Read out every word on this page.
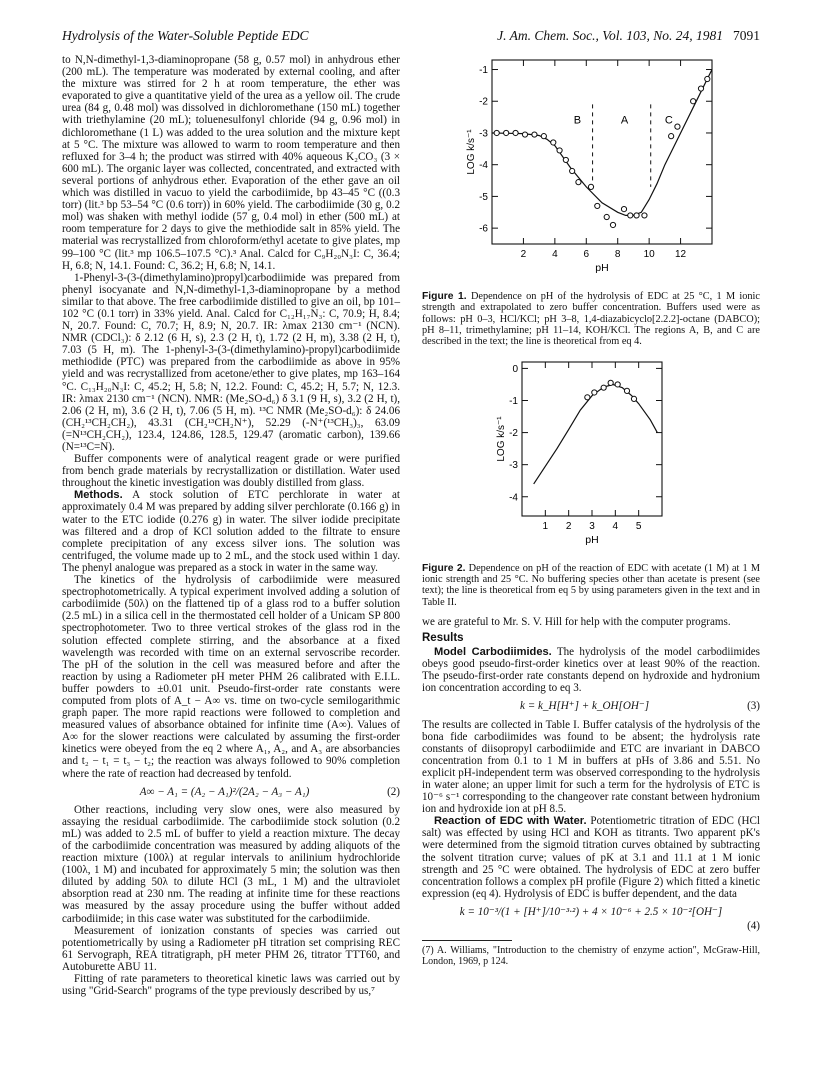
Hydrolysis of the Water-Soluble Peptide EDC	J. Am. Chem. Soc., Vol. 103, No. 24, 1981 7091

to N,N-dimethyl-1,3-diaminopropane (58 g, 0.57 mol) in anhydrous ether (200 mL). The temperature was moderated by external cooling, and after the mixture was stirred for 2 h at room temperature, the ether was evaporated to give a quantitative yield of the urea as a yellow oil. The crude urea (84 g, 0.48 mol) was dissolved in dichloromethane (150 mL) together with triethylamine (20 mL); toluenesulfonyl chloride (94 g, 0.96 mol) in dichloromethane (1 L) was added to the urea solution and the mixture kept at 5 °C. The mixture was allowed to warm to room temperature and then refluxed for 3–4 h; the product was stirred with 40% aqueous K₂CO₃ (3 × 600 mL). The organic layer was collected, concentrated, and extracted with several portions of anhydrous ether. Evaporation of the ether gave an oil which was distilled in vacuo to yield the carbodiimide, bp 43–45 °C ((0.3 torr) (lit.³ bp 53–54 °C (0.6 torr)) in 60% yield. The carbodiimide (30 g, 0.2 mol) was shaken with methyl iodide (57 g, 0.4 mol) in ether (500 mL) at room temperature for 2 days to give the methiodide salt in 85% yield. The material was recrystallized from chloroform/ethyl acetate to give plates, mp 99–100 °C (lit.³ mp 106.5–107.5 °C).³ Anal. Calcd for C₉H₂₀N₃I: C, 36.4; H, 6.8; N, 14.1. Found: C, 36.2; H, 6.8; N, 14.1.

1-Phenyl-3-(3-(dimethylamino)propyl)carbodiimide was prepared from phenyl isocyanate and N,N-dimethyl-1,3-diaminopropane by a method similar to that above. The free carbodiimide distilled to give an oil, bp 101–102 °C (0.1 torr) in 33% yield. Anal. Calcd for C₁₂H₁₇N₃: C, 70.9; H, 8.4; N, 20.7. Found: C, 70.7; H, 8.9; N, 20.7. IR: λmax 2130 cm⁻¹ (NCN). NMR (CDCl₃): δ 2.12 (6 H, s), 2.3 (2 H, t), 1.72 (2 H, m), 3.38 (2 H, t), 7.03 (5 H, m). The 1-phenyl-3-(3-(dimethylamino)-propyl)carbodiimide methiodide (PTC) was prepared from the carbodiimide as above in 95% yield and was recrystallized from acetone/ether to give plates, mp 163–164 °C. C₁₃H₂₀N₃I: C, 45.2; H, 5.8; N, 12.2. Found: C, 45.2; H, 5.7; N, 12.3. IR: λmax 2130 cm⁻¹ (NCN). NMR: (Me₂SO-d₆) δ 3.1 (9 H, s), 3.2 (2 H, t), 2.06 (2 H, m), 3.6 (2 H, t), 7.06 (5 H, m). ¹³C NMR (Me₂SO-d₆): δ 24.06 (CH₂¹³CH₂CH₂), 43.31 (CH₂¹³CH₂N⁺), 52.29 (-N⁺(¹³CH₃)₃, 63.09 (=N¹³CH₂CH₂), 123.4, 124.86, 128.5, 129.47 (aromatic carbon), 139.66 (N=¹³C=N).

Buffer components were of analytical reagent grade or were purified from bench grade materials by recrystallization or distillation. Water used throughout the kinetic investigation was doubly distilled from glass.

Methods. A stock solution of ETC perchlorate in water at approximately 0.4 M was prepared by adding silver perchlorate (0.166 g) in water to the ETC iodide (0.276 g) in water. The silver iodide precipitate was filtered and a drop of KCl solution added to the filtrate to ensure complete precipitation of any excess silver ions. The solution was centrifuged, the volume made up to 2 mL, and the stock used within 1 day. The phenyl analogue was prepared as a stock in water in the same way.

The kinetics of the hydrolysis of carbodiimide were measured spectrophotometrically. A typical experiment involved adding a solution of carbodiimide (50λ) on the flattened tip of a glass rod to a buffer solution (2.5 mL) in a silica cell in the thermostated cell holder of a Unicam SP 800 spectrophotometer. Two to three vertical strokes of the glass rod in the solution effected complete stirring, and the absorbance at a fixed wavelength was recorded with time on an external servoscribe recorder. The pH of the solution in the cell was measured before and after the reaction by using a Radiometer pH meter PHM 26 calibrated with E.I.L. buffer powders to ±0.01 unit. Pseudo-first-order rate constants were computed from plots of A_t − A∞ vs. time on two-cycle semilogarithmic graph paper. The more rapid reactions were followed to completion and measured values of absorbance obtained for infinite time (A∞). Values of A∞ for the slower reactions were calculated by assuming the first-order kinetics were obeyed from the eq 2 where A₁, A₂, and A₃ are absorbancies and t₂ − t₁ = t₃ − t₂; the reaction was always followed to 90% completion where the rate of reaction had decreased by tenfold.

A∞ − A₁ = (A₂ − A₁)²/(2A₂ − A₃ − A₁)	(2)

Other reactions, including very slow ones, were also measured by assaying the residual carbodiimide. The carbodiimide stock solution (0.2 mL) was added to 2.5 mL of buffer to yield a reaction mixture. The decay of the carbodiimide concentration was measured by adding aliquots of the reaction mixture (100λ) at regular intervals to anilinium hydrochloride (100λ, 1 M) and incubated for approximately 5 min; the solution was then diluted by adding 50λ to dilute HCl (3 mL, 1 M) and the ultraviolet absorption read at 230 nm. The reading at infinite time for these reactions was measured by the assay procedure using the buffer without added carbodiimide; in this case water was substituted for the carbodiimide.

Measurement of ionization constants of species was carried out potentiometrically by using a Radiometer pH titration set comprising REC 61 Servograph, REA titratigraph, pH meter PHM 26, titrator TTT60, and Autoburette ABU 11.

Fitting of rate parameters to theoretical kinetic laws was carried out by using "Grid-Search" programs of the type previously described by us,⁷

2	4	6	8 10 12
-1
-2
-3
-4
-5
-6
pH
LOG k/s⁻¹
B	A	C
Figure 1. Dependence on pH of the hydrolysis of EDC at 25 °C, 1 M ionic strength and extrapolated to zero buffer concentration. Buffers used were as follows: pH 0–3, HCl/KCl; pH 3–8, 1,4-diazabicyclo[2.2.2]-octane (DABCO); pH 8–11, trimethylamine; pH 11–14, KOH/KCl. The regions A, B, and C are described in the text; the line is theoretical from eq 4.
1 2 3 4 5
0
-1
-2
-3
-4
pH
LOG k/s⁻¹
Figure 2. Dependence on pH of the reaction of EDC with acetate (1 M) at 1 M ionic strength and 25 °C. No buffering species other than acetate is present (see text); the line is theoretical from eq 5 by using parameters given in the text and in Table II.

we are grateful to Mr. S. V. Hill for help with the computer programs.

Results

Model Carbodiimides. The hydrolysis of the model carbodiimides obeys good pseudo-first-order kinetics over at least 90% of the reaction. The pseudo-first-order rate constants depend on hydroxide and hydronium ion concentration according to eq 3.

k = k_H[H⁺] + k_OH[OH⁻]	(3)

The results are collected in Table I. Buffer catalysis of the hydrolysis of the bona fide carbodiimides was found to be absent; the hydrolysis rate constants of diisopropyl carbodiimide and ETC are invariant in DABCO concentration from 0.1 to 1 M in buffers at pHs of 3.86 and 5.51. No explicit pH-independent term was observed corresponding to the hydrolysis in water alone; an upper limit for such a term for the hydrolysis of ETC is 10⁻⁶ s⁻¹ corresponding to the changeover rate constant between hydronium ion and hydroxide ion at pH 8.5.

Reaction of EDC with Water. Potentiometric titration of EDC (HCl salt) was effected by using HCl and KOH as titrants. Two apparent pK's were determined from the sigmoid titration curves obtained by subtracting the solvent titration curve; values of pK at 3.1 and 11.1 at 1 M ionic strength and 25 °C were obtained. The hydrolysis of EDC at zero buffer concentration follows a complex pH profile (Figure 2) which fitted a kinetic expression (eq 4). Hydrolysis of EDC is buffer dependent, and the data

k = 10⁻³/(1 + [H⁺]/10⁻³·²) + 4 × 10⁻⁶ + 2.5 × 10⁻²[OH⁻]
(4)
(7) A. Williams, "Introduction to the chemistry of enzyme action", McGraw-Hill, London, 1969, p 124.
